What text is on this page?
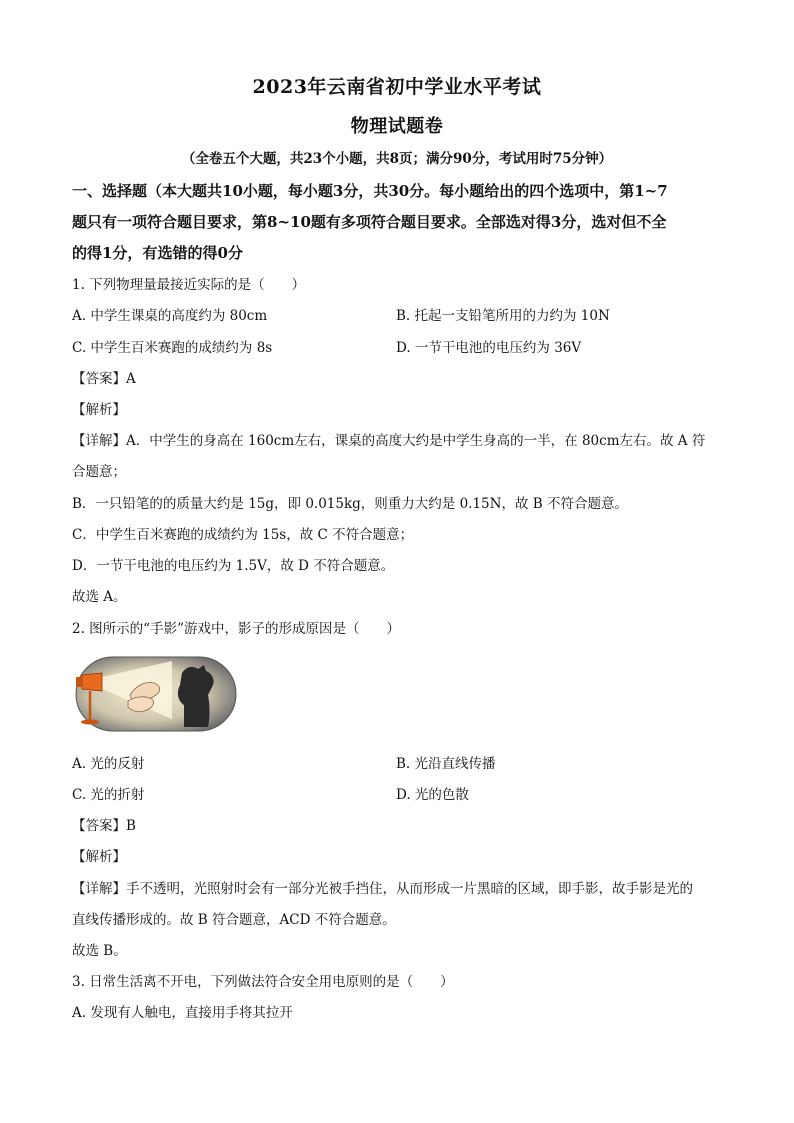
2023年云南省初中学业水平考试
物理试题卷
（全卷五个大题，共23个小题，共8页；满分90分，考试用时75分钟）
一、选择题（本大题共10小题，每小题3分，共30分。每小题给出的四个选项中，第1~7
题只有一项符合题目要求，第8~10题有多项符合题目要求。全部选对得3分，选对但不全
的得1分，有选错的得0分
1. 下列物理量最接近实际的是（　　）
A. 中学生课桌的高度约为 80cm	B. 托起一支铅笔所用的力约为 10N
C. 中学生百米赛跑的成绩约为 8s	D. 一节干电池的电压约为 36V
【答案】A
【解析】
【详解】A．中学生的身高在 160cm左右，课桌的高度大约是中学生身高的一半，在 80cm左右。故 A 符
合题意；
B．一只铅笔的的质量大约是 15g，即 0.015kg，则重力大约是 0.15N，故 B 不符合题意。
C．中学生百米赛跑的成绩约为 15s，故 C 不符合题意；
D．一节干电池的电压约为 1.5V，故 D 不符合题意。
故选 A。
2. 图所示的“手影”游戏中，影子的形成原因是（　　）
A. 光的反射	B. 光沿直线传播
C. 光的折射	D. 光的色散
【答案】B
【解析】
【详解】手不透明，光照射时会有一部分光被手挡住，从而形成一片黑暗的区域，即手影，故手影是光的
直线传播形成的。故 B 符合题意，ACD 不符合题意。
故选 B。
3. 日常生活离不开电，下列做法符合安全用电原则的是（　　）
A. 发现有人触电，直接用手将其拉开
